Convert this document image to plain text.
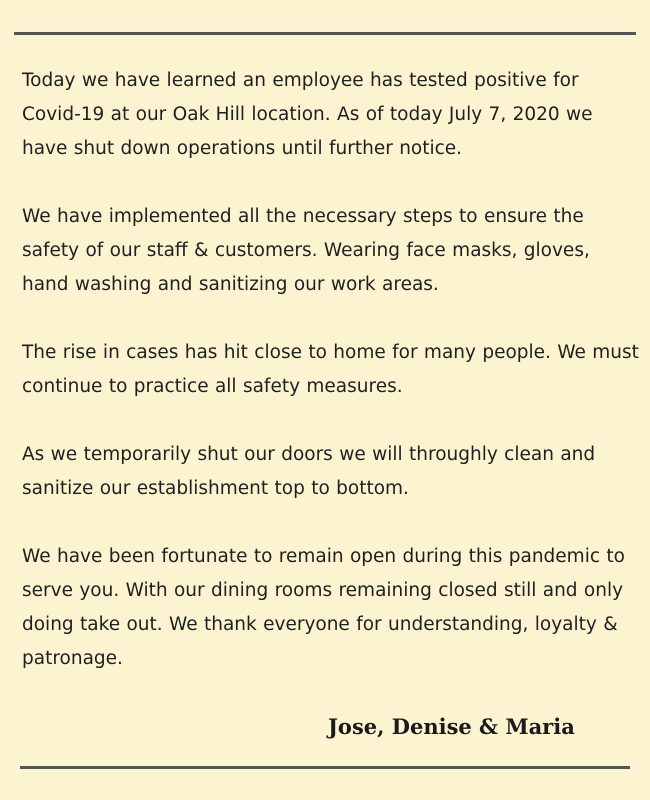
Today we have learned an employee has tested positive for Covid-19 at our Oak Hill location. As of today July 7, 2020 we have shut down operations until further notice.

We have implemented all the necessary steps to ensure the safety of our staff & customers. Wearing face masks, gloves, hand washing and sanitizing our work areas.

The rise in cases has hit close to home for many people. We must continue to practice all safety measures.

As we temporarily shut our doors we will throughly clean and sanitize our establishment top to bottom.

We have been fortunate to remain open during this pandemic to serve you. With our dining rooms remaining closed still and only doing take out. We thank everyone for understanding, loyalty & patronage.

Jose, Denise & Maria
